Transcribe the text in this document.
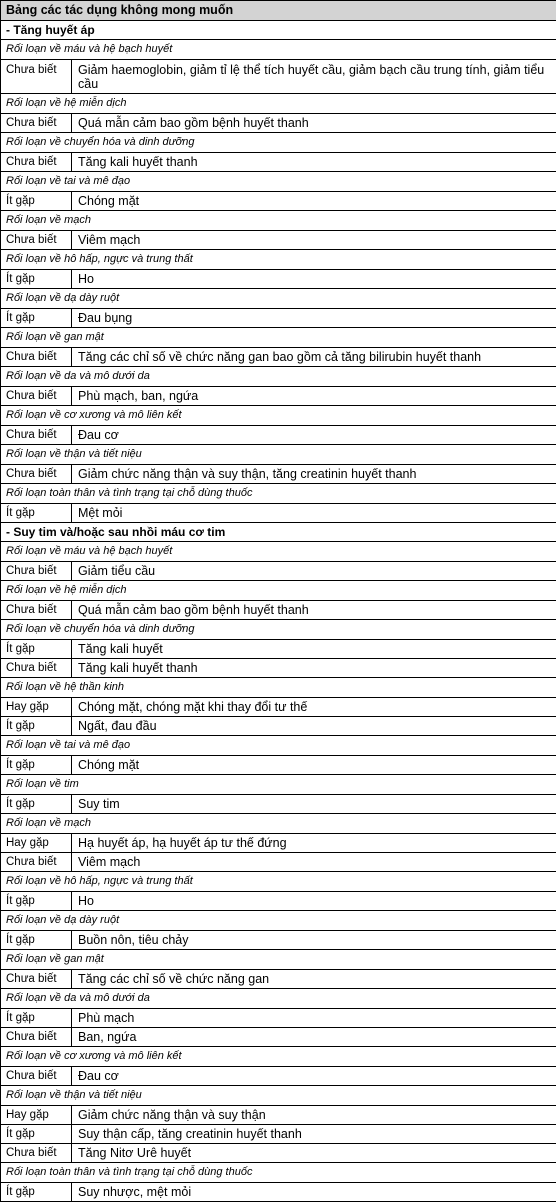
Bảng các tác dụng không mong muốn	
- Tăng huyết áp	
Rối loạn về máu và hệ bạch huyết	
Chưa biết	Giảm haemoglobin, giảm tỉ lệ thể tích huyết cầu, giảm bạch cầu trung tính, giảm tiểu cầu
Rối loạn về hệ miễn dịch	
Chưa biết	Quá mẫn cảm bao gồm bệnh huyết thanh
Rối loạn về chuyển hóa và dinh dưỡng	
Chưa biết	Tăng kali huyết thanh
Rối loạn về tai và mê đạo	
Ít gặp	Chóng mặt
Rối loạn về mạch	
Chưa biết	Viêm mạch
Rối loạn về hô hấp, ngực và trung thất	
Ít gặp	Ho
Rối loạn về dạ dày ruột	
Ít gặp	Đau bụng
Rối loạn về gan mật	
Chưa biết	Tăng các chỉ số về chức năng gan bao gồm cả tăng bilirubin huyết thanh
Rối loạn về da và mô dưới da	
Chưa biết	Phù mạch, ban, ngứa
Rối loạn về cơ xương và mô liên kết	
Chưa biết	Đau cơ
Rối loạn về thận và tiết niệu	
Chưa biết	Giảm chức năng thận và suy thận, tăng creatinin huyết thanh
Rối loạn toàn thân và tình trạng tại chỗ dùng thuốc	
Ít gặp	Mệt mỏi
- Suy tim và/hoặc sau nhồi máu cơ tim	
Rối loạn về máu và hệ bạch huyết	
Chưa biết	Giảm tiểu cầu
Rối loạn về hệ miễn dịch	
Chưa biết	Quá mẫn cảm bao gồm bệnh huyết thanh
Rối loạn về chuyển hóa và dinh dưỡng	
Ít gặp	Tăng kali huyết
Chưa biết	Tăng kali huyết thanh
Rối loạn về hệ thần kinh	
Hay gặp	Chóng mặt, chóng mặt khi thay đổi tư thế
Ít gặp	Ngất, đau đầu
Rối loạn về tai và mê đạo	
Ít gặp	Chóng mặt
Rối loạn về tim	
Ít gặp	Suy tim
Rối loạn về mạch	
Hay gặp	Hạ huyết áp, hạ huyết áp tư thế đứng
Chưa biết	Viêm mạch
Rối loạn về hô hấp, ngực và trung thất	
Ít gặp	Ho
Rối loạn về dạ dày ruột	
Ít gặp	Buồn nôn, tiêu chảy
Rối loạn về gan mật	
Chưa biết	Tăng các chỉ số về chức năng gan
Rối loạn về da và mô dưới da	
Ít gặp	Phù mạch
Chưa biết	Ban, ngứa
Rối loạn về cơ xương và mô liên kết	
Chưa biết	Đau cơ
Rối loạn về thận và tiết niệu	
Hay gặp	Giảm chức năng thận và suy thận
Ít gặp	Suy thận cấp, tăng creatinin huyết thanh
Chưa biết	Tăng Nitơ Urê huyết
Rối loạn toàn thân và tình trạng tại chỗ dùng thuốc	
Ít gặp	Suy nhược, mệt mỏi
